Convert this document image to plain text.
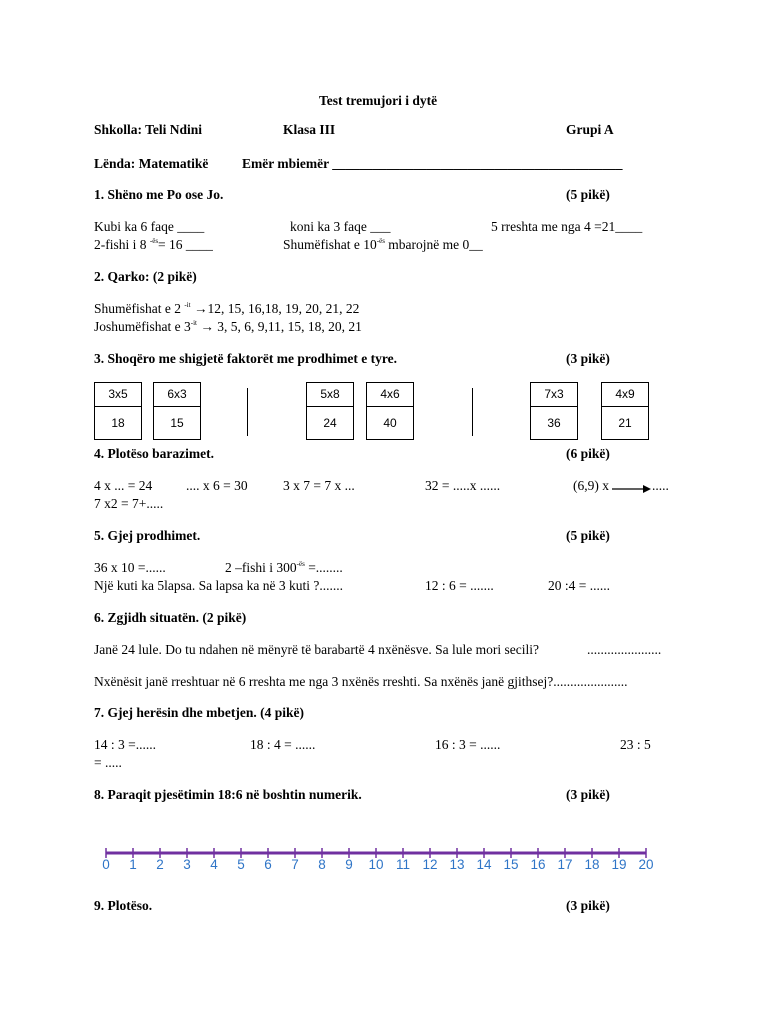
Test tremujori i dytë
Shkolla: Teli Ndini	Klasa III	Grupi A
Lënda: Matematikë Emër mbiemër ___________________________________________
1. Shëno me Po ose Jo.	(5 pikë)
Kubi ka 6 faqe ____	koni ka 3 faqe ___	5 rreshta me nga 4 =21____
2-fishi i 8 $^{-ës}$= 16 ____	Shumëfishat e $10^{-ës}$ mbarojnë me 0__
2. Qarko: (2 pikë)
Shumëfishat e 2 $^{-it}$ →12, 15, 16,18, 19, 20, 21, 22
Joshumëfishat e $3^{-it} \to 3$, 5, 6, 9,11, 15, 18, 20, 21
3. Shoqëro me shigjetë faktorët me prodhimet e tyre.	(3 pikë)
3x5
18
6x3
15
5x8
24
4x6
40
7x3
36
4x9
21
4. Plotëso barazimet.	(6 pikë)
4 x ... = 24	.... x 6 = 30	3 x 7 = 7 x ...	32 = .....x ......	(6,9) x	.....
7 x2 = 7+.....
5. Gjej prodhimet.	(5 pikë)
36 x 10 =......	2 –fishi i $300^{-ës}$ =........
Një kuti ka 5lapsa. Sa lapsa ka në 3 kuti ?.......	12 : 6 = .......	20 :4 = ......
6. Zgjidh situatën. (2 pikë)
Janë 24 lule. Do tu ndahen në mënyrë të barabartë 4 nxënësve. Sa lule mori secili?	......................
Nxënësit janë rreshtuar në 6 rreshta me nga 3 nxënës rreshti. Sa nxënës janë gjithsej?......................
7. Gjej herësin dhe mbetjen. (4 pikë)
14 : 3 =......	18 : 4 = ......	16 : 3 = ......	23 : 5
= .....
8. Paraqit pjesëtimin 18:6 në boshtin numerik.	(3 pikë)
0	1	2	3	4	5	6	7	8	9	10 11 12 13 14 15 16 17 18 19 20
9. Plotëso.	(3 pikë)
